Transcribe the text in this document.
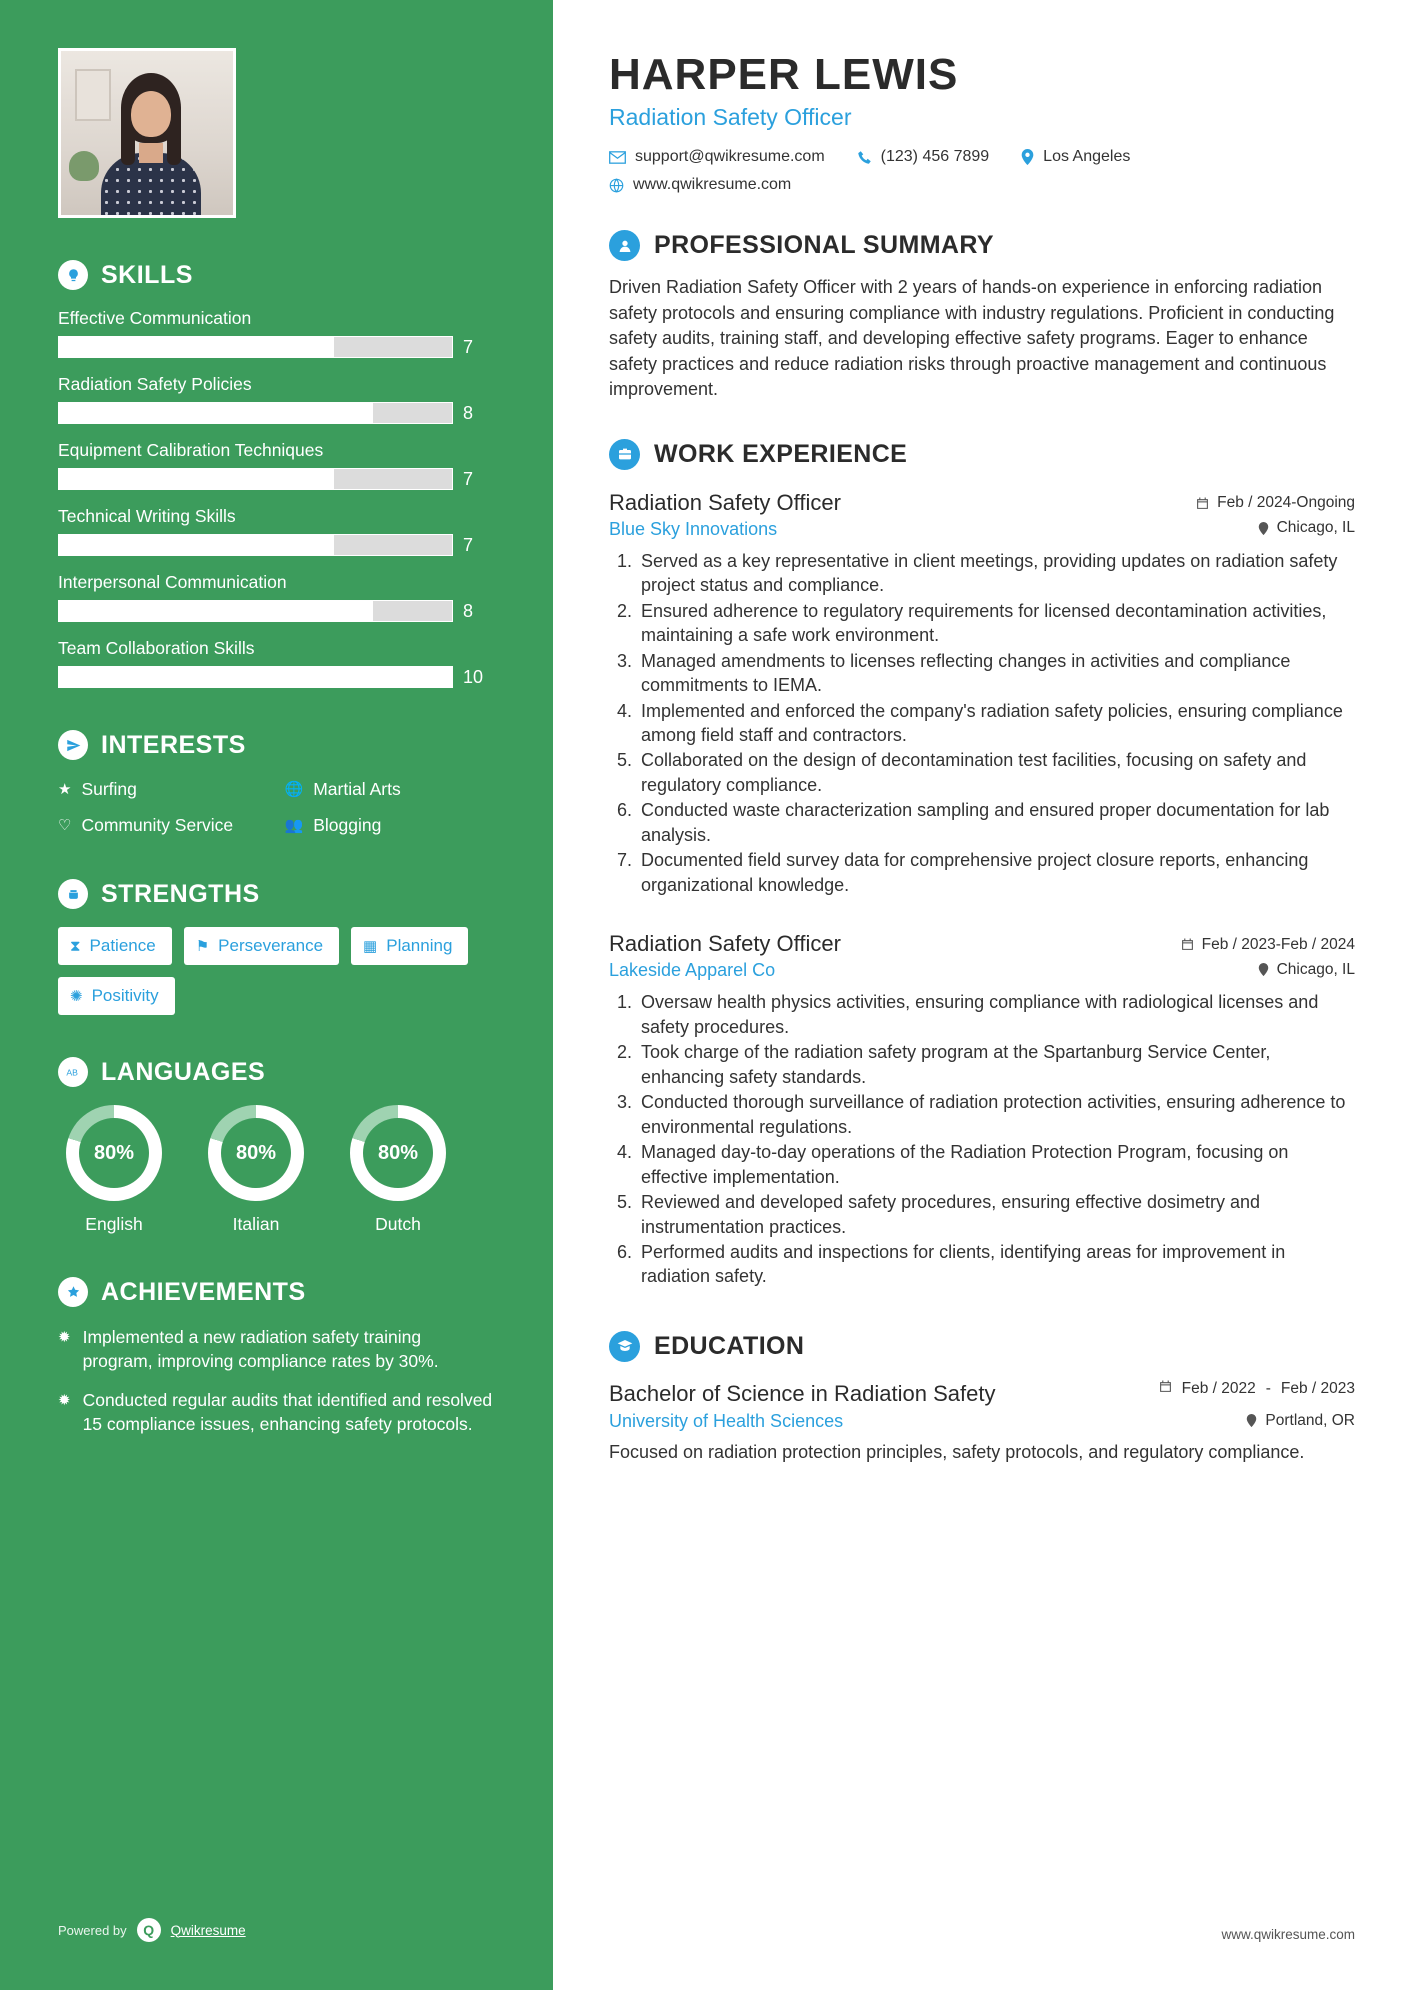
SKILLS
Effective Communication
7
Radiation Safety Policies
8
Equipment Calibration Techniques
7
Technical Writing Skills
7
Interpersonal Communication
8
Team Collaboration Skills
10
INTERESTS
★ Surfing	🌐 Martial Arts
♡ Community Service	👥 Blogging
STRENGTHS
⧗ Patience	⚑ Perseverance	▦ Planning
✺ Positivity
AB LANGUAGES
80%
English
80%
Italian
80%
Dutch
ACHIEVEMENTS
✹ Implemented a new radiation safety training program, improving compliance rates by 30%.
✹ Conducted regular audits that identified and resolved 15 compliance issues, enhancing safety protocols.
Powered by	Q	Qwikresume
HARPER LEWIS
Radiation Safety Officer
support@qwikresume.com	(123) 456 7899	Los Angeles
www.qwikresume.com
PROFESSIONAL SUMMARY

Driven Radiation Safety Officer with 2 years of hands-on experience in enforcing radiation safety protocols and ensuring compliance with industry regulations. Proficient in conducting safety audits, training staff, and developing effective safety programs. Eager to enhance safety practices and reduce radiation risks through proactive management and continuous improvement.

WORK EXPERIENCE
Radiation Safety Officer	Feb / 2024-Ongoing
Blue Sky Innovations	Chicago, IL
1. Served as a key representative in client meetings, providing updates on radiation safety project status and compliance.
2. Ensured adherence to regulatory requirements for licensed decontamination activities, maintaining a safe work environment.
3. Managed amendments to licenses reflecting changes in activities and compliance commitments to IEMA.
4. Implemented and enforced the company's radiation safety policies, ensuring compliance among field staff and contractors.
5. Collaborated on the design of decontamination test facilities, focusing on safety and regulatory compliance.
6. Conducted waste characterization sampling and ensured proper documentation for lab analysis.
7. Documented field survey data for comprehensive project closure reports, enhancing organizational knowledge.
Radiation Safety Officer	Feb / 2023-Feb / 2024
Lakeside Apparel Co	Chicago, IL
1. Oversaw health physics activities, ensuring compliance with radiological licenses and safety procedures.
2. Took charge of the radiation safety program at the Spartanburg Service Center, enhancing safety standards.
3. Conducted thorough surveillance of radiation protection activities, ensuring adherence to environmental regulations.
4. Managed day-to-day operations of the Radiation Protection Program, focusing on effective implementation.
5. Reviewed and developed safety procedures, ensuring effective dosimetry and instrumentation practices.
6. Performed audits and inspections for clients, identifying areas for improvement in radiation safety.
EDUCATION
Bachelor of Science in Radiation Safety	Feb / 2022 - Feb / 2023
University of Health Sciences	Portland, OR

Focused on radiation protection principles, safety protocols, and regulatory compliance.

www.qwikresume.com
